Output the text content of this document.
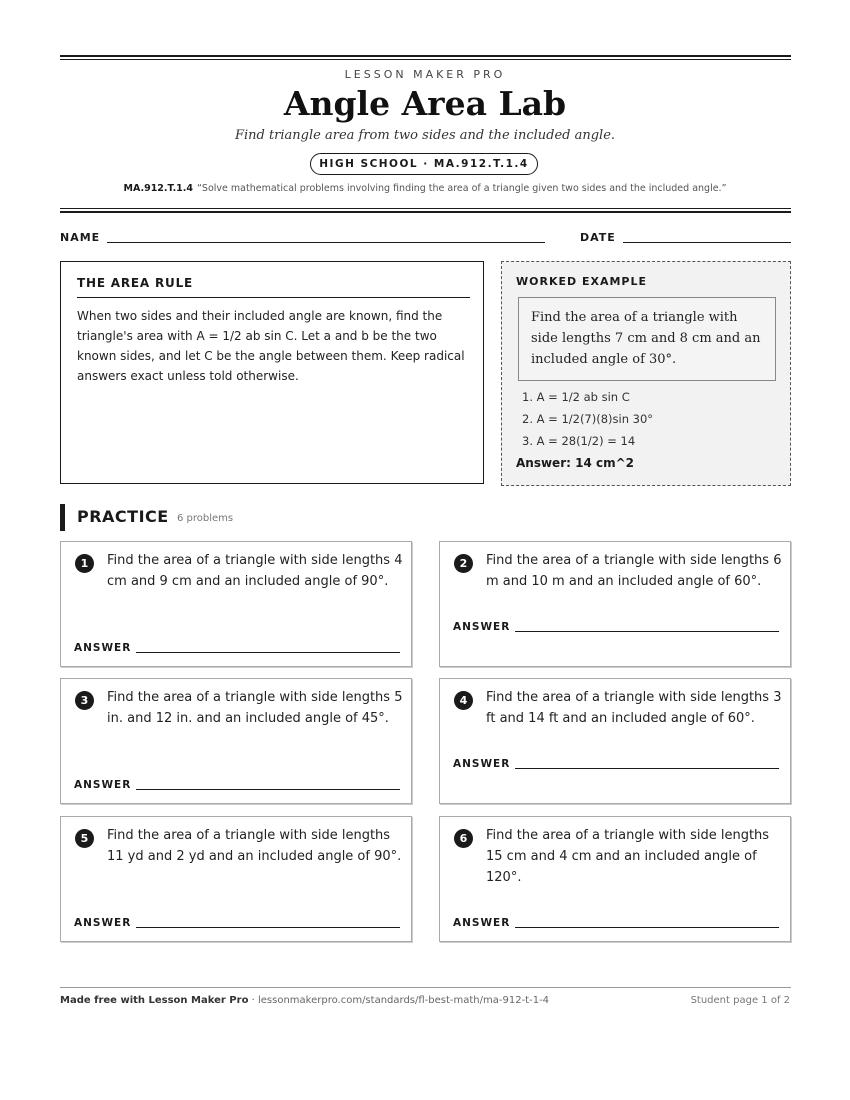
LESSON MAKER PRO
Angle Area Lab
Find triangle area from two sides and the included angle.
HIGH SCHOOL · MA.912.T.1.4
MA.912.T.1.4 “Solve mathematical problems involving finding the area of a triangle given two sides and the included angle.”
NAME	DATE
THE AREA RULE
When two sides and their included angle are known, find the triangle's area with A = 1/2 ab sin C. Let a and b be the two known sides, and let C be the angle between them. Keep radical answers exact unless told otherwise.
WORKED EXAMPLE
Find the area of a triangle with side lengths 7 cm and 8 cm and an included angle of 30°.
1. A = 1/2 ab sin C
2. A = 1/2(7)(8)sin 30°
3. A = 28(1/2) = 14
Answer: 14 cm^2
PRACTICE 6 problems
1	Find the area of a triangle with side lengths 4 cm and 9 cm and an included angle of 90°.
ANSWER
2	Find the area of a triangle with side lengths 6 m and 10 m and an included angle of 60°.
ANSWER
3	Find the area of a triangle with side lengths 5 in. and 12 in. and an included angle of 45°.
ANSWER
4	Find the area of a triangle with side lengths 3 ft and 14 ft and an included angle of 60°.
ANSWER
5	Find the area of a triangle with side lengths 11 yd and 2 yd and an included angle of 90°.
ANSWER
6	Find the area of a triangle with side lengths 15 cm and 4 cm and an included angle of 120°.
ANSWER
Made free with Lesson Maker Pro · lessonmakerpro.com/standards/fl-best-math/ma-912-t-1-4	Student page 1 of 2
